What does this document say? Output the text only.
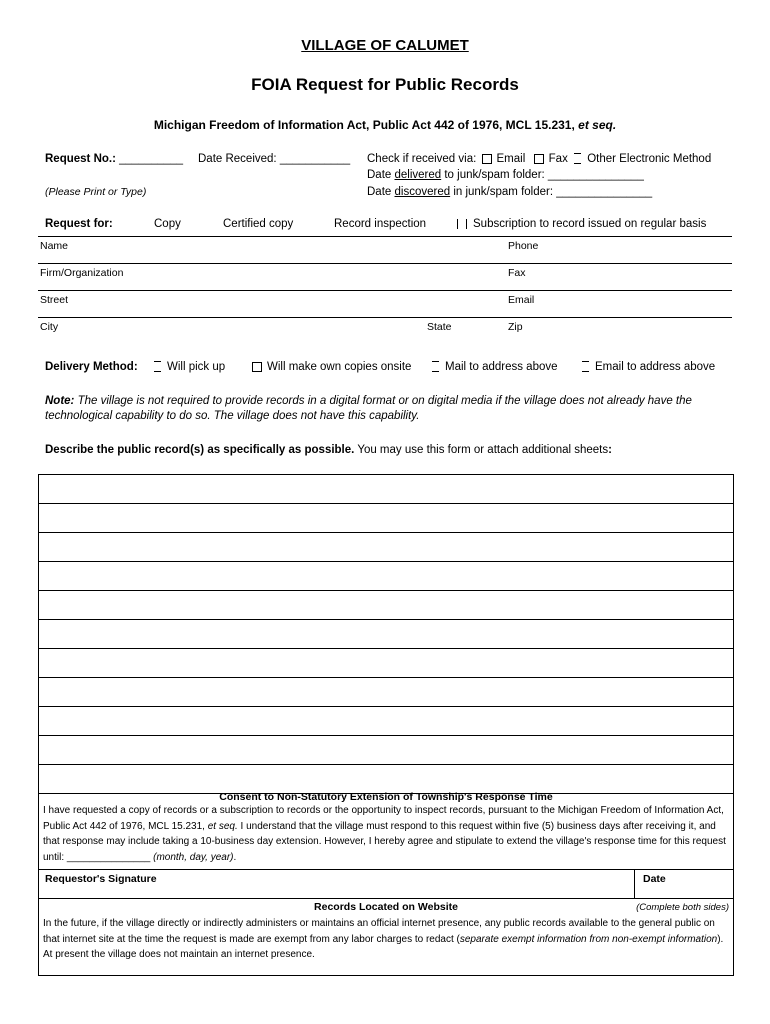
VILLAGE OF CALUMET
FOIA Request for Public Records
Michigan Freedom of Information Act, Public Act 442 of 1976, MCL 15.231, et seq.
Request No.: __________ Date Received: ___________ Check if received via: Email Fax Other Electronic Method
Date delivered to junk/spam folder: _______________
(Please Print or Type)	Date discovered in junk/spam folder: _______________
Request for:	Copy	Certified copy	Record inspection	Subscription to record issued on regular basis
Name	Phone
Firm/Organization	Fax
Street	Email
City	State	Zip
Delivery Method:	Will pick up	Will make own copies onsite	Mail to address above	Email to address above
Note: The village is not required to provide records in a digital format or on digital media if the village does not already have the technological capability to do so. The village does not have this capability.
Describe the public record(s) as specifically as possible. You may use this form or attach additional sheets:
Consent to Non-Statutory Extension of Township's Response Time
I have requested a copy of records or a subscription to records or the opportunity to inspect records, pursuant to the Michigan Freedom of Information Act, Public Act 442 of 1976, MCL 15.231, et seq. I understand that the village must respond to this request within five (5) business days after receiving it, and that response may include taking a 10-business day extension. However, I hereby agree and stipulate to extend the village's response time for this request until: _______________ (month, day, year).
Requestor's Signature	Date
Records Located on Website	(Complete both sides)
In the future, if the village directly or indirectly administers or maintains an official internet presence, any public records available to the general public on that internet site at the time the request is made are exempt from any labor charges to redact (separate exempt information from non-exempt information). At present the village does not maintain an internet presence.
